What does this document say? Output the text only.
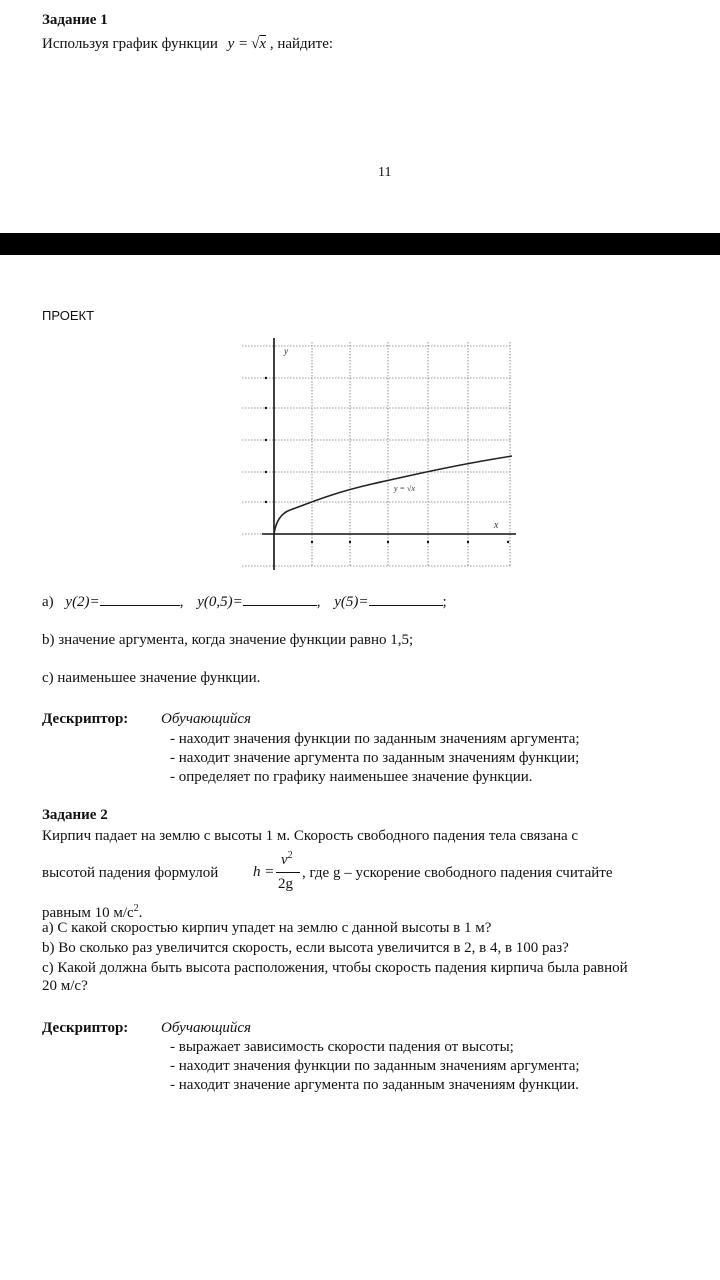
Задание 1
Используя график функции y = √x , найдите:
11
ПРОЕКТ
y
x
y = √x
а) y(2)=	, y(0,5)=	, y(5)=	;
b) значение аргумента, когда значение функции равно 1,5;
с) наименьшее значение функции.
Дескриптор: Обучающийся
- находит значения функции по заданным значениям аргумента;
- находит значение аргумента по заданным значениям функции;
- определяет по графику наименьшее значение функции.
Задание 2
Кирпич падает на землю с высоты 1 м. Скорость свободного падения тела связана с
высотой падения формулой h =
$v^2$
2g
, где g – ускорение свободного падения считайте
равным 10 $м/с^2$.
а) С какой скоростью кирпич упадет на землю с данной высоты в 1 м?
b) Во сколько раз увеличится скорость, если высота увеличится в 2, в 4, в 100 раз?
с) Какой должна быть высота расположения, чтобы скорость падения кирпича была равной
20 м/с?
Дескриптор: Обучающийся
- выражает зависимость скорости падения от высоты;
- находит значения функции по заданным значениям аргумента;
- находит значение аргумента по заданным значениям функции.
